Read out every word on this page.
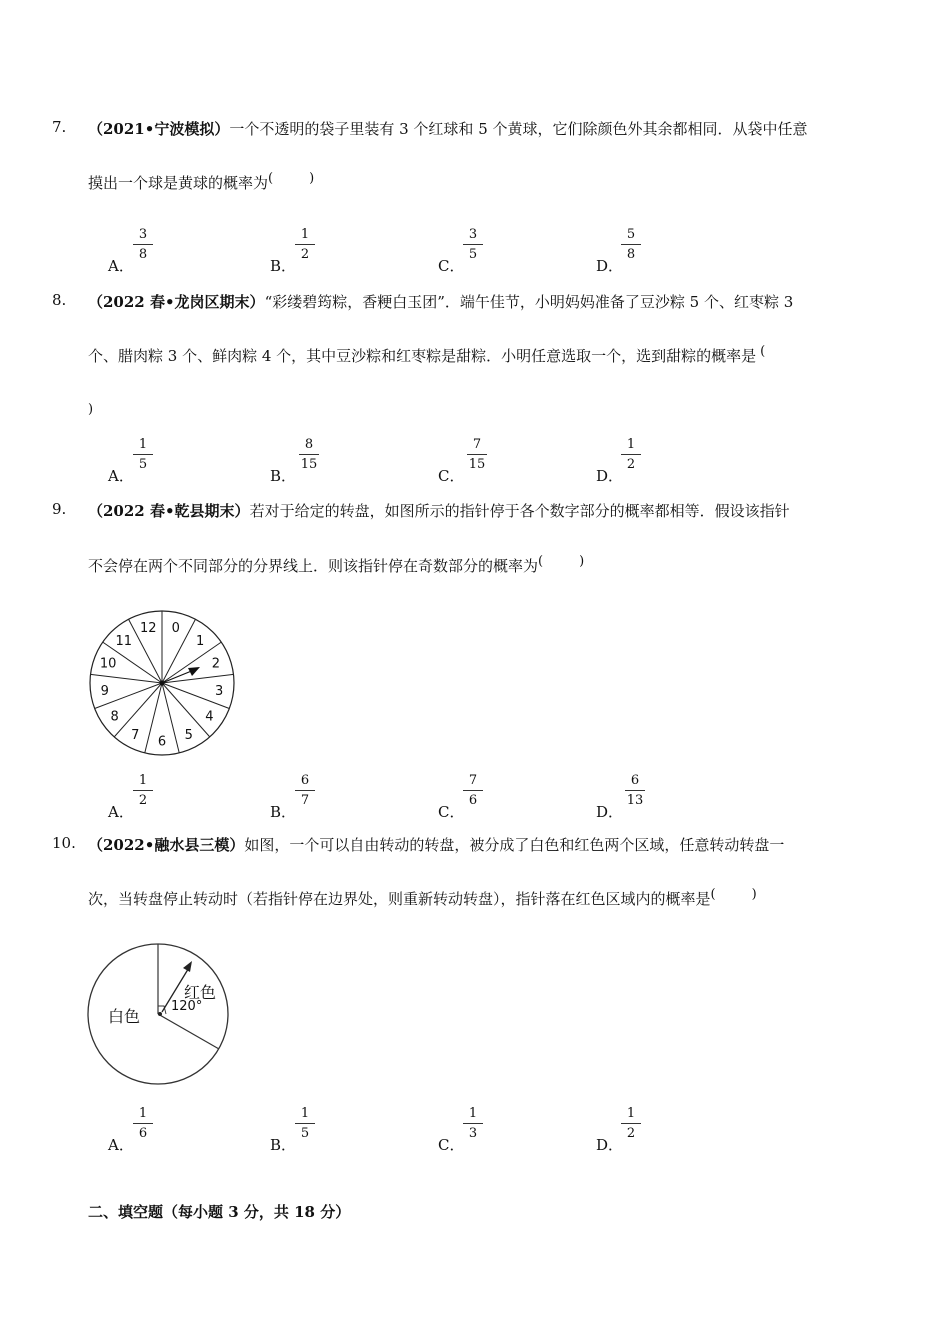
7. （2021•宁波模拟）一个不透明的袋子里装有 3 个红球和 5 个黄球，它们除颜色外其余都相同．从袋中任意
摸出一个球是黄球的概率为(	)
A．
3
8
B．
1
2
C．
3
5
D．
5
8
8. （2022 春•龙岗区期末）“彩缕碧筠粽，香粳白玉团”．端午佳节，小明妈妈准备了豆沙粽 5 个、红枣粽 3
个、腊肉粽 3 个、鲜肉粽 4 个，其中豆沙粽和红枣粽是甜粽．小明任意选取一个，选到甜粽的概率是 (
)
A．
1
5
B．
8
15
C．
7
15
D．
1
2
9. （2022 春•乾县期末）若对于给定的转盘，如图所示的指针停于各个数字部分的概率都相等．假设该指针
不会停在两个不同部分的分界线上．则该指针停在奇数部分的概率为(	)
0
1
2
3
4
5
6
7
8
9
10
11
12
A．
1
2
B．
6
7
C．
7
6
D．
6
13
10. （2022•融水县三模）如图，一个可以自由转动的转盘，被分成了白色和红色两个区域，任意转动转盘一
次，当转盘停止转动时（若指针停在边界处，则重新转动转盘），指针落在红色区域内的概率是(	)
白色
红色
120°
A．
1
6
B．
1
5
C．
1
3
D．
1
2
二、填空题（每小题 3 分，共 18 分）
